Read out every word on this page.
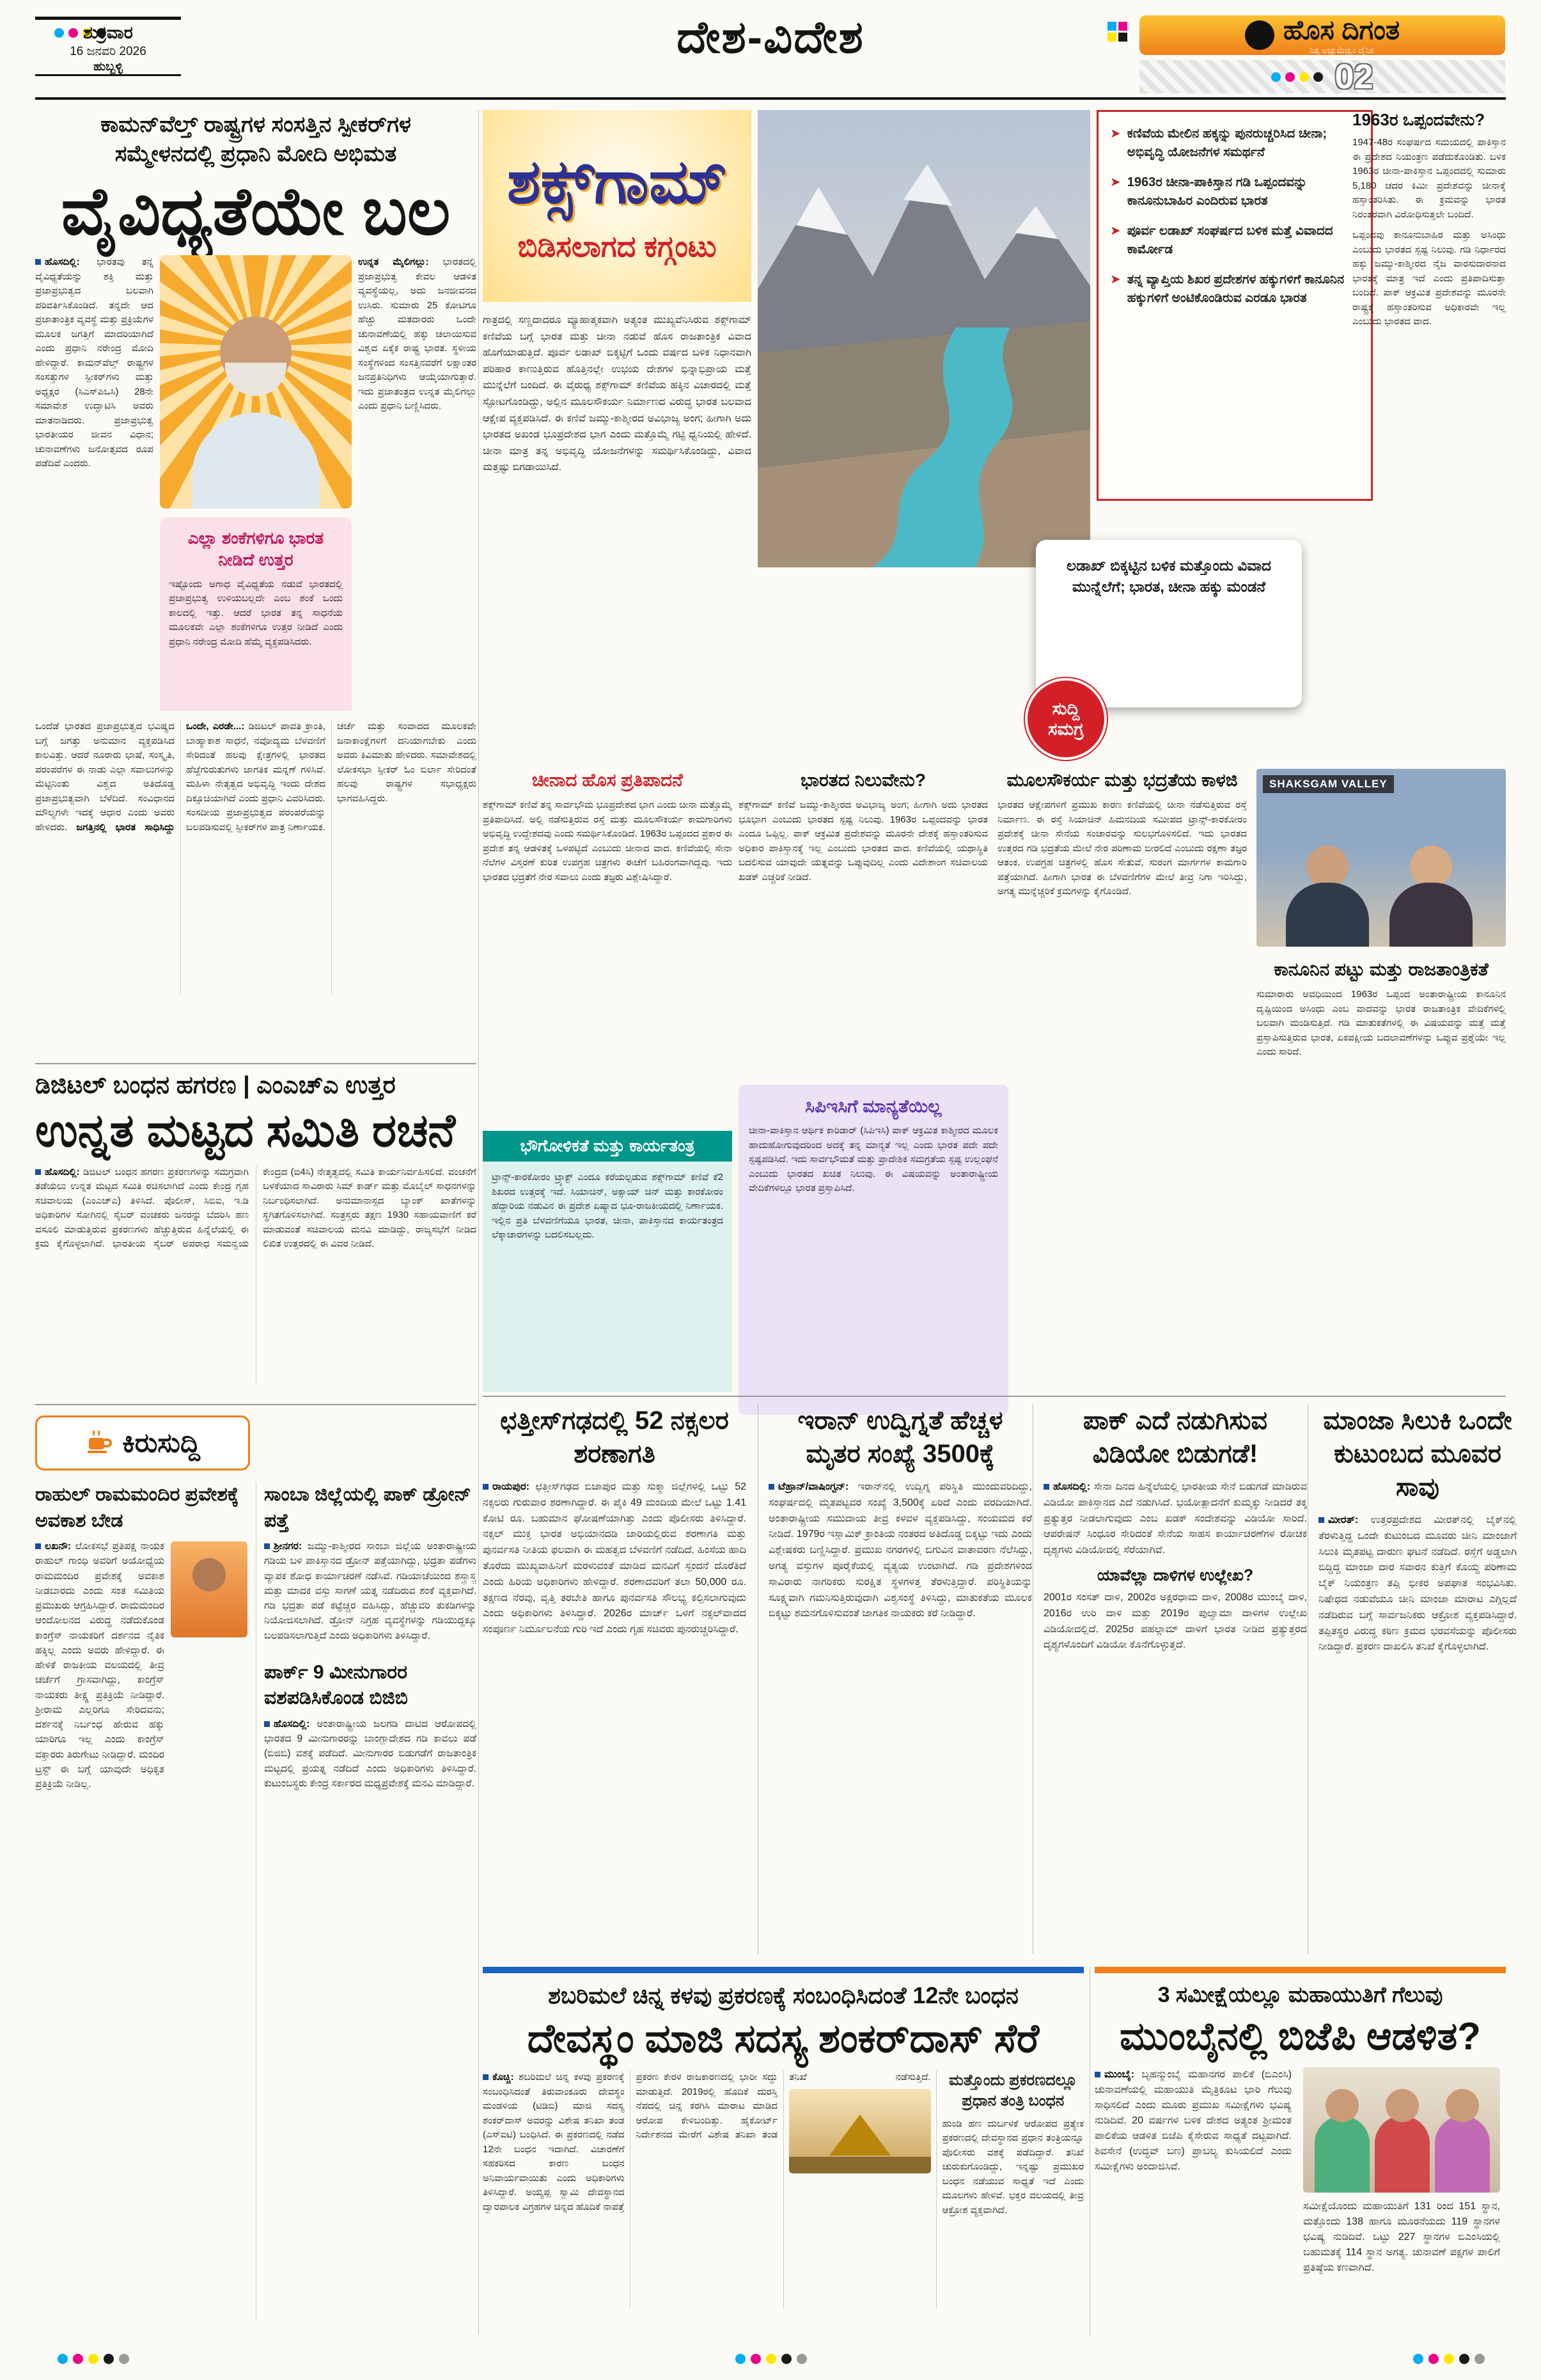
ಶುಕ್ರವಾರ
16 ಜನವರಿ 2026
ಹುಬ್ಬಳ್ಳಿ
ದೇಶ-ವಿದೇಶ	ಹೊಸ ದಿಗಂತ
ನಿತ್ಯ ಅಚ್ಚುಮೆಚ್ಚಿನ ದೈನಿಕ
02
ಕಾಮನ್‌ವೆಲ್ತ್ ರಾಷ್ಟ್ರಗಳ ಸಂಸತ್ತಿನ ಸ್ಪೀಕರ್‌ಗಳ
ಸಮ್ಮೇಳನದಲ್ಲಿ ಪ್ರಧಾನಿ ಮೋದಿ ಅಭಿಮತ
ವೈವಿಧ್ಯತೆಯೇ ಬಲ
ಹೊಸದಿಲ್ಲಿ: ಭಾರತವು ತನ್ನ ವೈವಿಧ್ಯತೆಯನ್ನು ಶಕ್ತಿ ಮತ್ತು ಪ್ರಜಾಪ್ರಭುತ್ವದ ಬಲವಾಗಿ ಪರಿವರ್ತಿಸಿಕೊಂಡಿದೆ. ತನ್ನದೇ ಆದ ಪ್ರಜಾತಾಂತ್ರಿಕ ವ್ಯವಸ್ಥೆ ಮತ್ತು ಪ್ರಕ್ರಿಯೆಗಳ ಮೂಲಕ ಜಗತ್ತಿಗೆ ಮಾದರಿಯಾಗಿದೆ ಎಂದು ಪ್ರಧಾನಿ ನರೇಂದ್ರ ಮೋದಿ ಹೇಳಿದ್ದಾರೆ. ಕಾಮನ್‌ವೆಲ್ತ್ ರಾಷ್ಟ್ರಗಳ ಸಂಸತ್ತುಗಳ ಸ್ಪೀಕರ್‌ಗಳು ಮತ್ತು ಅಧ್ಯಕ್ಷರ (ಸಿಎಸ್‌ಪಿಒಸಿ) 28ನೇ ಸಮಾವೇಶ ಉದ್ಘಾಟಿಸಿ ಅವರು ಮಾತನಾಡಿದರು. ಪ್ರಜಾಪ್ರಭುತ್ವ ಭಾರತೀಯರ ಜೀವನ ವಿಧಾನ; ಚುನಾವಣೆಗಳು ಜನೋತ್ಸವದ ರೂಪ ಪಡೆದಿವೆ ಎಂದರು.
ಎಲ್ಲಾ ಶಂಕೆಗಳಿಗೂ ಭಾರತ ನೀಡಿದೆ ಉತ್ತರ
ಇಷ್ಟೊಂದು ಅಗಾಧ ವೈವಿಧ್ಯತೆಯ ನಡುವೆ ಭಾರತದಲ್ಲಿ ಪ್ರಜಾಪ್ರಭುತ್ವ ಉಳಿಯಬಲ್ಲದೇ ಎಂಬ ಶಂಕೆ ಒಂದು ಕಾಲದಲ್ಲಿ ಇತ್ತು. ಆದರೆ ಭಾರತ ತನ್ನ ಸಾಧನೆಯ ಮೂಲಕವೇ ಎಲ್ಲಾ ಶಂಕೆಗಳಿಗೂ ಉತ್ತರ ನೀಡಿದೆ ಎಂದು ಪ್ರಧಾನಿ ನರೇಂದ್ರ ಮೋದಿ ಹೆಮ್ಮೆ ವ್ಯಕ್ತಪಡಿಸಿದರು.
ಉನ್ನತ ಮೈಲಿಗಲ್ಲು: ಭಾರತದಲ್ಲಿ ಪ್ರಜಾಪ್ರಭುತ್ವ ಕೇವಲ ಆಡಳಿತ ವ್ಯವಸ್ಥೆಯಲ್ಲ, ಅದು ಜನಜೀವನದ ಉಸಿರು. ಸುಮಾರು 25 ಕೋಟಿಗೂ ಹೆಚ್ಚು ಮತದಾರರು ಒಂದೇ ಚುನಾವಣೆಯಲ್ಲಿ ಹಕ್ಕು ಚಲಾಯಿಸುವ ವಿಶ್ವದ ಏಕೈಕ ರಾಷ್ಟ್ರ ಭಾರತ. ಸ್ಥಳೀಯ ಸಂಸ್ಥೆಗಳಿಂದ ಸಂಸತ್ತಿನವರೆಗೆ ಲಕ್ಷಾಂತರ ಜನಪ್ರತಿನಿಧಿಗಳು ಆಯ್ಕೆಯಾಗುತ್ತಾರೆ. ಇದು ಪ್ರಜಾತಂತ್ರದ ಉನ್ನತ ಮೈಲಿಗಲ್ಲು ಎಂದು ಪ್ರಧಾನಿ ಬಣ್ಣಿಸಿದರು.
ಒಂದೆಡೆ ಭಾರತದ ಪ್ರಜಾಪ್ರಭುತ್ವದ ಭವಿಷ್ಯದ ಬಗ್ಗೆ ಜಗತ್ತು ಅನುಮಾನ ವ್ಯಕ್ತಪಡಿಸಿದ ಕಾಲವಿತ್ತು. ಆದರೆ ನೂರಾರು ಭಾಷೆ, ಸಂಸ್ಕೃತಿ, ಪರಂಪರೆಗಳ ಈ ನಾಡು ಎಲ್ಲಾ ಸವಾಲುಗಳನ್ನು ಮೆಟ್ಟಿನಿಂತು ವಿಶ್ವದ ಅತಿದೊಡ್ಡ ಪ್ರಜಾಪ್ರಭುತ್ವವಾಗಿ ಬೆಳೆದಿದೆ. ಸಂವಿಧಾನದ ಮೌಲ್ಯಗಳೇ ಇದಕ್ಕೆ ಆಧಾರ ಎಂದು ಅವರು ಹೇಳಿದರು. ಜಗತ್ತಿನಲ್ಲಿ ಭಾರತ ಸಾಧಿಸಿದ್ದು ಒಂದೇ, ಎರಡೇ...: ಡಿಜಿಟಲ್ ಪಾವತಿ ಕ್ರಾಂತಿ, ಬಾಹ್ಯಾಕಾಶ ಸಾಧನೆ, ನವೋದ್ಯಮ ಬೆಳವಣಿಗೆ ಸೇರಿದಂತೆ ಹಲವು ಕ್ಷೇತ್ರಗಳಲ್ಲಿ ಭಾರತದ ಹೆಜ್ಜೆಗುರುತುಗಳು ಜಾಗತಿಕ ಮನ್ನಣೆ ಗಳಿಸಿವೆ. ಮಹಿಳಾ ನೇತೃತ್ವದ ಅಭಿವೃದ್ಧಿ ಇಂದು ದೇಶದ ದಿಕ್ಸೂಚಿಯಾಗಿದೆ ಎಂದು ಪ್ರಧಾನಿ ವಿವರಿಸಿದರು. ಸಂಸದೀಯ ಪ್ರಜಾಪ್ರಭುತ್ವದ ಪರಂಪರೆಯನ್ನು ಬಲಪಡಿಸುವಲ್ಲಿ ಸ್ಪೀಕರ್‌ಗಳ ಪಾತ್ರ ನಿರ್ಣಾಯಕ. ಚರ್ಚೆ ಮತ್ತು ಸಂವಾದದ ಮೂಲಕವೇ ಜನಾಕಾಂಕ್ಷೆಗಳಿಗೆ ದನಿಯಾಗಬೇಕು ಎಂದು ಅವರು ಕಿವಿಮಾತು ಹೇಳಿದರು. ಸಮಾವೇಶದಲ್ಲಿ ಲೋಕಸಭಾ ಸ್ಪೀಕರ್ ಓಂ ಬಿರ್ಲಾ ಸೇರಿದಂತೆ ಹಲವು ರಾಷ್ಟ್ರಗಳ ಸಭಾಧ್ಯಕ್ಷರು ಭಾಗವಹಿಸಿದ್ದರು.
ಶಕ್ಸ್‌ಗಾಮ್
ಬಿಡಿಸಲಾಗದ ಕಗ್ಗಂಟು
ಗಾತ್ರದಲ್ಲಿ ಸಣ್ಣದಾದರೂ ವ್ಯೂಹಾತ್ಮಕವಾಗಿ ಅತ್ಯಂತ ಮುಖ್ಯವೆನಿಸಿರುವ ಶಕ್ಸ್‌ಗಾಮ್ ಕಣಿವೆಯ ಬಗ್ಗೆ ಭಾರತ ಮತ್ತು ಚೀನಾ ನಡುವೆ ಹೊಸ ರಾಜತಾಂತ್ರಿಕ ವಿವಾದ ಹೊಗೆಯಾಡುತ್ತಿದೆ. ಪೂರ್ವ ಲಡಾಖ್ ಬಿಕ್ಕಟ್ಟಿಗೆ ಒಂದು ವರ್ಷದ ಬಳಿಕ ನಿಧಾನವಾಗಿ ಪರಿಹಾರ ಕಾಣುತ್ತಿರುವ ಹೊತ್ತಿನಲ್ಲೇ ಉಭಯ ದೇಶಗಳ ಭಿನ್ನಾಭಿಪ್ರಾಯ ಮತ್ತೆ ಮುನ್ನೆಲೆಗೆ ಬಂದಿದೆ. ಈ ವೈರುಧ್ಯ ಶಕ್ಸ್‌ಗಾಮ್ ಕಣಿವೆಯ ಹಕ್ಕಿನ ವಿಚಾರದಲ್ಲಿ ಮತ್ತೆ ಸ್ಫೋಟಗೊಂಡಿದ್ದು, ಅಲ್ಲಿನ ಮೂಲಸೌಕರ್ಯ ನಿರ್ಮಾಣದ ವಿರುದ್ಧ ಭಾರತ ಬಲವಾದ ಆಕ್ಷೇಪ ವ್ಯಕ್ತಪಡಿಸಿದೆ. ಈ ಕಣಿವೆ ಜಮ್ಮು-ಕಾಶ್ಮೀರದ ಅವಿಭಾಜ್ಯ ಅಂಗ; ಹೀಗಾಗಿ ಅದು ಭಾರತದ ಅಖಂಡ ಭೂಪ್ರದೇಶದ ಭಾಗ ಎಂದು ಮತ್ತೊಮ್ಮೆ ಗಟ್ಟಿ ಧ್ವನಿಯಲ್ಲಿ ಹೇಳಿದೆ. ಚೀನಾ ಮಾತ್ರ ತನ್ನ ಅಭಿವೃದ್ಧಿ ಯೋಜನೆಗಳನ್ನು ಸಮರ್ಥಿಸಿಕೊಂಡಿದ್ದು, ವಿವಾದ ಮತ್ತಷ್ಟು ಬಿಗಡಾಯಿಸಿದೆ.
➤ ಕಣಿವೆಯ ಮೇಲಿನ ಹಕ್ಕನ್ನು ಪುನರುಚ್ಚರಿಸಿದ ಚೀನಾ; ಅಭಿವೃದ್ಧಿ ಯೋಜನೆಗಳ ಸಮರ್ಥನೆ
➤ 1963ರ ಚೀನಾ-ಪಾಕಿಸ್ತಾನ ಗಡಿ ಒಪ್ಪಂದವನ್ನು ಕಾನೂನುಬಾಹಿರ ಎಂದಿರುವ ಭಾರತ
➤ ಪೂರ್ವ ಲಡಾಖ್ ಸಂಘರ್ಷದ ಬಳಿಕ ಮತ್ತೆ ವಿವಾದದ ಕಾರ್ಮೋಡ
➤ ತನ್ನ ವ್ಯಾಪ್ತಿಯ ಶಿಖರ ಪ್ರದೇಶಗಳ ಹಕ್ಕುಗಳಿಗೆ ಕಾನೂನಿನ ಹಕ್ಕುಗಳಿಗೆ ಅಂಟಿಕೊಂಡಿರುವ ಎರಡೂ ಭಾರತ
1963ರ ಒಪ್ಪಂದವೇನು?
1947-48ರ ಸಂಘರ್ಷದ ಸಮಯದಲ್ಲಿ ಪಾಕಿಸ್ತಾನ ಈ ಪ್ರದೇಶದ ನಿಯಂತ್ರಣ ಪಡೆದುಕೊಂಡಿತು. ಬಳಿಕ 1963ರ ಚೀನಾ-ಪಾಕಿಸ್ತಾನ ಒಪ್ಪಂದದಲ್ಲಿ ಸುಮಾರು 5,180 ಚದರ ಕಿಮೀ ಪ್ರದೇಶವನ್ನು ಚೀನಾಕ್ಕೆ ಹಸ್ತಾಂತರಿಸಿತು. ಈ ಕ್ರಮವನ್ನು ಭಾರತ ನಿರಂತರವಾಗಿ ವಿರೋಧಿಸುತ್ತಲೇ ಬಂದಿದೆ.
ಒಪ್ಪಂದವು ಕಾನೂನುಬಾಹಿರ ಮತ್ತು ಅಸಿಂಧು ಎಂಬುದು ಭಾರತದ ಸ್ಪಷ್ಟ ನಿಲುವು. ಗಡಿ ನಿರ್ಧಾರದ ಹಕ್ಕು ಜಮ್ಮು-ಕಾಶ್ಮೀರದ ನೈಜ ವಾರಸುದಾರನಾದ ಭಾರತಕ್ಕೆ ಮಾತ್ರ ಇದೆ ಎಂದು ಪ್ರತಿಪಾದಿಸುತ್ತಾ ಬಂದಿದೆ. ಪಾಕ್ ಆಕ್ರಮಿತ ಪ್ರದೇಶವನ್ನು ಮೂರನೇ ರಾಷ್ಟ್ರಕ್ಕೆ ಹಸ್ತಾಂತರಿಸುವ ಅಧಿಕಾರವೇ ಇಲ್ಲ ಎಂಬುದು ಭಾರತದ ವಾದ.
ಲಡಾಖ್ ಬಿಕ್ಕಟ್ಟಿನ ಬಳಿಕ ಮತ್ತೊಂದು ವಿವಾದ ಮುನ್ನೆಲೆಗೆ; ಭಾರತ, ಚೀನಾ ಹಕ್ಕು ಮಂಡನೆ
ಸುದ್ದಿ
ಸಮಗ್ರ
ಚೀನಾದ ಹೊಸ ಪ್ರತಿಪಾದನೆ
ಶಕ್ಸ್‌ಗಾಮ್ ಕಣಿವೆ ತನ್ನ ಸಾರ್ವಭೌಮ ಭೂಪ್ರದೇಶದ ಭಾಗ ಎಂದು ಚೀನಾ ಮತ್ತೊಮ್ಮೆ ಪ್ರತಿಪಾದಿಸಿದೆ. ಅಲ್ಲಿ ನಡೆಸುತ್ತಿರುವ ರಸ್ತೆ ಮತ್ತು ಮೂಲಸೌಕರ್ಯ ಕಾಮಗಾರಿಗಳು ಅಭಿವೃದ್ಧಿ ಉದ್ದೇಶದವು ಎಂದು ಸಮರ್ಥಿಸಿಕೊಂಡಿದೆ. 1963ರ ಒಪ್ಪಂದದ ಪ್ರಕಾರ ಈ ಪ್ರದೇಶ ತನ್ನ ಆಡಳಿತಕ್ಕೆ ಒಳಪಟ್ಟಿದೆ ಎಂಬುದು ಚೀನಾದ ವಾದ. ಕಣಿವೆಯಲ್ಲಿ ಸೇನಾ ನೆಲೆಗಳ ವಿಸ್ತರಣೆ ಕುರಿತ ಉಪಗ್ರಹ ಚಿತ್ರಗಳು ಈಚೆಗೆ ಬಹಿರಂಗವಾಗಿದ್ದವು. ಇದು ಭಾರತದ ಭದ್ರತೆಗೆ ನೇರ ಸವಾಲು ಎಂದು ತಜ್ಞರು ವಿಶ್ಲೇಷಿಸಿದ್ದಾರೆ.
ಭೌಗೋಳಿಕತೆ ಮತ್ತು ಕಾರ್ಯತಂತ್ರ
ಟ್ರಾನ್ಸ್-ಕಾರಕೋರಂ ಟ್ರ್ಯಾಕ್ಟ್ ಎಂದೂ ಕರೆಯಲ್ಪಡುವ ಶಕ್ಸ್‌ಗಾಮ್ ಕಣಿವೆ ಕೆ2 ಶಿಖರದ ಉತ್ತರಕ್ಕೆ ಇದೆ. ಸಿಯಾಚಿನ್, ಅಕ್ಸಾಯ್ ಚಿನ್ ಮತ್ತು ಕಾರಕೋರಂ ಹೆದ್ದಾರಿಯ ನಡುವಿನ ಈ ಪ್ರದೇಶ ಏಷ್ಯಾದ ಭೂ-ರಾಜಕೀಯದಲ್ಲಿ ನಿರ್ಣಾಯಕ. ಇಲ್ಲಿನ ಪ್ರತಿ ಬೆಳವಣಿಗೆಯೂ ಭಾರತ, ಚೀನಾ, ಪಾಕಿಸ್ತಾನದ ಕಾರ್ಯತಂತ್ರದ ಲೆಕ್ಕಾಚಾರಗಳನ್ನು ಬದಲಿಸಬಲ್ಲದು.
ಭಾರತದ ನಿಲುವೇನು?
ಶಕ್ಸ್‌ಗಾಮ್ ಕಣಿವೆ ಜಮ್ಮು-ಕಾಶ್ಮೀರದ ಅವಿಭಾಜ್ಯ ಅಂಗ; ಹೀಗಾಗಿ ಅದು ಭಾರತದ ಭೂಭಾಗ ಎಂಬುದು ಭಾರತದ ಸ್ಪಷ್ಟ ನಿಲುವು. 1963ರ ಒಪ್ಪಂದವನ್ನು ಭಾರತ ಎಂದೂ ಒಪ್ಪಿಲ್ಲ. ಪಾಕ್ ಆಕ್ರಮಿತ ಪ್ರದೇಶವನ್ನು ಮೂರನೇ ದೇಶಕ್ಕೆ ಹಸ್ತಾಂತರಿಸುವ ಅಧಿಕಾರ ಪಾಕಿಸ್ತಾನಕ್ಕೆ ಇಲ್ಲ ಎಂಬುದು ಭಾರತದ ವಾದ. ಕಣಿವೆಯಲ್ಲಿ ಯಥಾಸ್ಥಿತಿ ಬದಲಿಸುವ ಯಾವುದೇ ಯತ್ನವನ್ನು ಒಪ್ಪುವುದಿಲ್ಲ ಎಂದು ವಿದೇಶಾಂಗ ಸಚಿವಾಲಯ ಖಡಕ್ ಎಚ್ಚರಿಕೆ ನೀಡಿದೆ.
ಸಿಪಿಇಸಿಗೆ ಮಾನ್ಯತೆಯಿಲ್ಲ
ಚೀನಾ-ಪಾಕಿಸ್ತಾನ ಆರ್ಥಿಕ ಕಾರಿಡಾರ್ (ಸಿಪಿಇಸಿ) ಪಾಕ್ ಆಕ್ರಮಿತ ಕಾಶ್ಮೀರದ ಮೂಲಕ ಹಾದುಹೋಗುವುದರಿಂದ ಅದಕ್ಕೆ ತನ್ನ ಮಾನ್ಯತೆ ಇಲ್ಲ ಎಂದು ಭಾರತ ಪದೇ ಪದೇ ಸ್ಪಷ್ಟಪಡಿಸಿದೆ. ಇದು ಸಾರ್ವಭೌಮತೆ ಮತ್ತು ಪ್ರಾದೇಶಿಕ ಸಮಗ್ರತೆಯ ಸ್ಪಷ್ಟ ಉಲ್ಲಂಘನೆ ಎಂಬುದು ಭಾರತದ ಖಚಿತ ನಿಲುವು. ಈ ವಿಷಯವನ್ನು ಅಂತಾರಾಷ್ಟ್ರೀಯ ವೇದಿಕೆಗಳಲ್ಲೂ ಭಾರತ ಪ್ರಸ್ತಾಪಿಸಿದೆ.
ಮೂಲಸೌಕರ್ಯ ಮತ್ತು ಭದ್ರತೆಯ ಕಾಳಜಿ
ಭಾರತದ ಆಕ್ಷೇಪಗಳಿಗೆ ಪ್ರಮುಖ ಕಾರಣ ಕಣಿವೆಯಲ್ಲಿ ಚೀನಾ ನಡೆಸುತ್ತಿರುವ ರಸ್ತೆ ನಿರ್ಮಾಣ. ಈ ರಸ್ತೆ ಸಿಯಾಚಿನ್ ಹಿಮನದಿಯ ಸಮೀಪದ ಟ್ರಾನ್ಸ್-ಕಾರಕೋರಂ ಪ್ರದೇಶಕ್ಕೆ ಚೀನಾ ಸೇನೆಯ ಸಂಚಾರವನ್ನು ಸುಲಭಗೊಳಿಸಲಿದೆ. ಇದು ಭಾರತದ ಉತ್ತರದ ಗಡಿ ಭದ್ರತೆಯ ಮೇಲೆ ನೇರ ಪರಿಣಾಮ ಬೀರಲಿದೆ ಎಂಬುದು ರಕ್ಷಣಾ ತಜ್ಞರ ಆತಂಕ. ಉಪಗ್ರಹ ಚಿತ್ರಗಳಲ್ಲಿ ಹೊಸ ಸೇತುವೆ, ಸುರಂಗ ಮಾರ್ಗಗಳ ಕಾಮಗಾರಿ ಪತ್ತೆಯಾಗಿದೆ. ಹೀಗಾಗಿ ಭಾರತ ಈ ಬೆಳವಣಿಗೆಗಳ ಮೇಲೆ ತೀವ್ರ ನಿಗಾ ಇರಿಸಿದ್ದು, ಅಗತ್ಯ ಮುನ್ನೆಚ್ಚರಿಕೆ ಕ್ರಮಗಳನ್ನು ಕೈಗೊಂಡಿದೆ.
SHAKSGAM VALLEY
ಕಾನೂನಿನ ಪಟ್ಟು ಮತ್ತು ರಾಜತಾಂತ್ರಿಕತೆ
ಸುಮಾರಾರು ಅವಧಿಯಿಂದ 1963ರ ಒಪ್ಪಂದ ಅಂತಾರಾಷ್ಟ್ರೀಯ ಕಾನೂನಿನ ದೃಷ್ಟಿಯಿಂದ ಅಸಿಂಧು ಎಂಬ ವಾದವನ್ನು ಭಾರತ ರಾಜತಾಂತ್ರಿಕ ವೇದಿಕೆಗಳಲ್ಲಿ ಬಲವಾಗಿ ಮಂಡಿಸುತ್ತಿದೆ. ಗಡಿ ಮಾತುಕತೆಗಳಲ್ಲಿ ಈ ವಿಷಯವನ್ನು ಮತ್ತೆ ಮತ್ತೆ ಪ್ರಸ್ತಾಪಿಸುತ್ತಿರುವ ಭಾರತ, ಏಕಪಕ್ಷೀಯ ಬದಲಾವಣೆಗಳನ್ನು ಒಪ್ಪುವ ಪ್ರಶ್ನೆಯೇ ಇಲ್ಲ ಎಂದು ಸಾರಿದೆ.
ಡಿಜಿಟಲ್ ಬಂಧನ ಹಗರಣ | ಎಂಎಚ್‌ಎ ಉತ್ತರ
ಉನ್ನತ ಮಟ್ಟದ ಸಮಿತಿ ರಚನೆ
ಹೊಸದಿಲ್ಲಿ: ಡಿಜಿಟಲ್ ಬಂಧನ ಹಗರಣ ಪ್ರಕರಣಗಳನ್ನು ಸಮಗ್ರವಾಗಿ ತಡೆಯಲು ಉನ್ನತ ಮಟ್ಟದ ಸಮಿತಿ ರಚಿಸಲಾಗಿದೆ ಎಂದು ಕೇಂದ್ರ ಗೃಹ ಸಚಿವಾಲಯ (ಎಂಎಚ್‌ಎ) ತಿಳಿಸಿದೆ. ಪೊಲೀಸ್, ಸಿಬಿಐ, ಇ.ಡಿ ಅಧಿಕಾರಿಗಳ ಸೋಗಿನಲ್ಲಿ ಸೈಬರ್ ವಂಚಕರು ಜನರನ್ನು ಬೆದರಿಸಿ ಹಣ ವಸೂಲಿ ಮಾಡುತ್ತಿರುವ ಪ್ರಕರಣಗಳು ಹೆಚ್ಚುತ್ತಿರುವ ಹಿನ್ನೆಲೆಯಲ್ಲಿ ಈ ಕ್ರಮ ಕೈಗೊಳ್ಳಲಾಗಿದೆ. ಭಾರತೀಯ ಸೈಬರ್ ಅಪರಾಧ ಸಮನ್ವಯ ಕೇಂದ್ರದ (ಐ4ಸಿ) ನೇತೃತ್ವದಲ್ಲಿ ಸಮಿತಿ ಕಾರ್ಯನಿರ್ವಹಿಸಲಿದೆ. ವಂಚನೆಗೆ ಬಳಕೆಯಾದ ಸಾವಿರಾರು ಸಿಮ್ ಕಾರ್ಡ್ ಮತ್ತು ಮೊಬೈಲ್ ಸಾಧನಗಳನ್ನು ನಿರ್ಬಂಧಿಸಲಾಗಿದೆ. ಅನುಮಾನಾಸ್ಪದ ಬ್ಯಾಂಕ್ ಖಾತೆಗಳನ್ನು ಸ್ಥಗಿತಗೊಳಿಸಲಾಗಿದೆ. ಸಂತ್ರಸ್ತರು ತಕ್ಷಣ 1930 ಸಹಾಯವಾಣಿಗೆ ಕರೆ ಮಾಡುವಂತೆ ಸಚಿವಾಲಯ ಮನವಿ ಮಾಡಿದ್ದು, ರಾಜ್ಯಸಭೆಗೆ ನೀಡಿದ ಲಿಖಿತ ಉತ್ತರದಲ್ಲಿ ಈ ವಿವರ ನೀಡಿದೆ.
ಕಿರುಸುದ್ದಿ
ರಾಹುಲ್ ರಾಮಮಂದಿರ ಪ್ರವೇಶಕ್ಕೆ ಅವಕಾಶ ಬೇಡ
ಲಖನೌ: ಲೋಕಸಭೆ ಪ್ರತಿಪಕ್ಷ ನಾಯಕ ರಾಹುಲ್ ಗಾಂಧಿ ಅವರಿಗೆ ಅಯೋಧ್ಯೆಯ ರಾಮಮಂದಿರ ಪ್ರವೇಶಕ್ಕೆ ಅವಕಾಶ ನೀಡಬಾರದು ಎಂದು ಸಂತ ಸಮಿತಿಯ ಪ್ರಮುಖರು ಆಗ್ರಹಿಸಿದ್ದಾರೆ. ರಾಮಮಂದಿರ ಆಂದೋಲನದ ವಿರುದ್ಧ ನಡೆದುಕೊಂಡ ಕಾಂಗ್ರೆಸ್ ನಾಯಕರಿಗೆ ದರ್ಶನದ ನೈತಿಕ ಹಕ್ಕಿಲ್ಲ ಎಂದು ಅವರು ಹೇಳಿದ್ದಾರೆ. ಈ ಹೇಳಿಕೆ ರಾಜಕೀಯ ವಲಯದಲ್ಲಿ ತೀವ್ರ ಚರ್ಚೆಗೆ ಗ್ರಾಸವಾಗಿದ್ದು, ಕಾಂಗ್ರೆಸ್ ನಾಯಕರು ತೀಕ್ಷ್ಣ ಪ್ರತಿಕ್ರಿಯೆ ನೀಡಿದ್ದಾರೆ. ಶ್ರೀರಾಮ ಎಲ್ಲರಿಗೂ ಸೇರಿದವನು; ದರ್ಶನಕ್ಕೆ ನಿರ್ಬಂಧ ಹೇರುವ ಹಕ್ಕು ಯಾರಿಗೂ ಇಲ್ಲ ಎಂದು ಕಾಂಗ್ರೆಸ್ ವಕ್ತಾರರು ತಿರುಗೇಟು ನೀಡಿದ್ದಾರೆ. ಮಂದಿರ ಟ್ರಸ್ಟ್ ಈ ಬಗ್ಗೆ ಯಾವುದೇ ಅಧಿಕೃತ ಪ್ರತಿಕ್ರಿಯೆ ನೀಡಿಲ್ಲ.
ಸಾಂಬಾ ಜಿಲ್ಲೆಯಲ್ಲಿ ಪಾಕ್ ಡ್ರೋನ್ ಪತ್ತೆ
ಶ್ರೀನಗರ: ಜಮ್ಮು-ಕಾಶ್ಮೀರದ ಸಾಂಬಾ ಜಿಲ್ಲೆಯ ಅಂತಾರಾಷ್ಟ್ರೀಯ ಗಡಿಯ ಬಳಿ ಪಾಕಿಸ್ತಾನದ ಡ್ರೋನ್ ಪತ್ತೆಯಾಗಿದ್ದು, ಭದ್ರತಾ ಪಡೆಗಳು ವ್ಯಾಪಕ ಶೋಧ ಕಾರ್ಯಾಚರಣೆ ನಡೆಸಿವೆ. ಗಡಿಯಾಚೆಯಿಂದ ಶಸ್ತ್ರಾಸ್ತ್ರ ಮತ್ತು ಮಾದಕ ವಸ್ತು ಸಾಗಣೆ ಯತ್ನ ನಡೆದಿರುವ ಶಂಕೆ ವ್ಯಕ್ತವಾಗಿದೆ. ಗಡಿ ಭದ್ರತಾ ಪಡೆ ಕಟ್ಟೆಚ್ಚರ ವಹಿಸಿದ್ದು, ಹೆಚ್ಚುವರಿ ತುಕಡಿಗಳನ್ನು ನಿಯೋಜಿಸಲಾಗಿದೆ. ಡ್ರೋನ್ ನಿಗ್ರಹ ವ್ಯವಸ್ಥೆಗಳನ್ನು ಗಡಿಯುದ್ದಕ್ಕೂ ಬಲಪಡಿಸಲಾಗುತ್ತಿದೆ ಎಂದು ಅಧಿಕಾರಿಗಳು ತಿಳಿಸಿದ್ದಾರೆ.
ಪಾರ್ಕ್ 9 ಮೀನುಗಾರರ ವಶಪಡಿಸಿಕೊಂಡ ಬಿಜಿಬಿ
ಹೊಸದಿಲ್ಲಿ: ಅಂತಾರಾಷ್ಟ್ರೀಯ ಜಲಗಡಿ ದಾಟಿದ ಆರೋಪದಲ್ಲಿ ಭಾರತದ 9 ಮೀನುಗಾರರನ್ನು ಬಾಂಗ್ಲಾದೇಶದ ಗಡಿ ಕಾವಲು ಪಡೆ (ಬಿಜಿಬಿ) ವಶಕ್ಕೆ ಪಡೆದಿದೆ. ಮೀನುಗಾರರ ಬಿಡುಗಡೆಗೆ ರಾಜತಾಂತ್ರಿಕ ಮಟ್ಟದಲ್ಲಿ ಪ್ರಯತ್ನ ನಡೆದಿದೆ ಎಂದು ಅಧಿಕಾರಿಗಳು ತಿಳಿಸಿದ್ದಾರೆ. ಕುಟುಂಬಸ್ಥರು ಕೇಂದ್ರ ಸರ್ಕಾರದ ಮಧ್ಯಪ್ರವೇಶಕ್ಕೆ ಮನವಿ ಮಾಡಿದ್ದಾರೆ.
ಛತ್ತೀಸ್‌ಗಢದಲ್ಲಿ 52 ನಕ್ಸಲರ ಶರಣಾಗತಿ
ರಾಯಪುರ: ಛತ್ತೀಸ್‌ಗಢದ ಬಿಜಾಪುರ ಮತ್ತು ಸುಕ್ಮಾ ಜಿಲ್ಲೆಗಳಲ್ಲಿ ಒಟ್ಟು 52 ನಕ್ಸಲರು ಗುರುವಾರ ಶರಣಾಗಿದ್ದಾರೆ. ಈ ಪೈಕಿ 49 ಮಂದಿಯ ಮೇಲೆ ಒಟ್ಟು 1.41 ಕೋಟಿ ರೂ. ಬಹುಮಾನ ಘೋಷಣೆಯಾಗಿತ್ತು ಎಂದು ಪೊಲೀಸರು ತಿಳಿಸಿದ್ದಾರೆ. ನಕ್ಸಲ್ ಮುಕ್ತ ಭಾರತ ಅಭಿಯಾನದಡಿ ಜಾರಿಯಲ್ಲಿರುವ ಶರಣಾಗತಿ ಮತ್ತು ಪುನರ್ವಸತಿ ನೀತಿಯ ಫಲವಾಗಿ ಈ ಮಹತ್ವದ ಬೆಳವಣಿಗೆ ನಡೆದಿದೆ. ಹಿಂಸೆಯ ಹಾದಿ ತೊರೆದು ಮುಖ್ಯವಾಹಿನಿಗೆ ಮರಳುವಂತೆ ಮಾಡಿದ ಮನವಿಗೆ ಸ್ಪಂದನೆ ದೊರೆತಿದೆ ಎಂದು ಹಿರಿಯ ಅಧಿಕಾರಿಗಳು ಹೇಳಿದ್ದಾರೆ. ಶರಣಾದವರಿಗೆ ತಲಾ 50,000 ರೂ. ತಕ್ಷಣದ ನೆರವು, ವೃತ್ತಿ ತರಬೇತಿ ಹಾಗೂ ಪುನರ್ವಸತಿ ಸೌಲಭ್ಯ ಕಲ್ಪಿಸಲಾಗುವುದು ಎಂದು ಅಧಿಕಾರಿಗಳು ತಿಳಿಸಿದ್ದಾರೆ. 2026ರ ಮಾರ್ಚ್ ಒಳಗೆ ನಕ್ಸಲ್‌ವಾದದ ಸಂಪೂರ್ಣ ನಿರ್ಮೂಲನೆಯ ಗುರಿ ಇದೆ ಎಂದು ಗೃಹ ಸಚಿವರು ಪುನರುಚ್ಚರಿಸಿದ್ದಾರೆ.
ಇರಾನ್ ಉದ್ವಿಗ್ನತೆ ಹೆಚ್ಚಳ ಮೃತರ ಸಂಖ್ಯೆ 3500ಕ್ಕೆ
ಟೆಹ್ರಾನ್/ವಾಷಿಂಗ್ಟನ್: ಇರಾನ್‌ನಲ್ಲಿ ಉದ್ವಿಗ್ನ ಪರಿಸ್ಥಿತಿ ಮುಂದುವರಿದಿದ್ದು, ಸಂಘರ್ಷದಲ್ಲಿ ಮೃತಪಟ್ಟವರ ಸಂಖ್ಯೆ 3,500ಕ್ಕೆ ಏರಿದೆ ಎಂದು ವರದಿಯಾಗಿದೆ. ಅಂತಾರಾಷ್ಟ್ರೀಯ ಸಮುದಾಯ ತೀವ್ರ ಕಳವಳ ವ್ಯಕ್ತಪಡಿಸಿದ್ದು, ಸಂಯಮದ ಕರೆ ನೀಡಿದೆ. 1979ರ ಇಸ್ಲಾಮಿಕ್ ಕ್ರಾಂತಿಯ ನಂತರದ ಅತಿದೊಡ್ಡ ಬಿಕ್ಕಟ್ಟು ಇದು ಎಂದು ವಿಶ್ಲೇಷಕರು ಬಣ್ಣಿಸಿದ್ದಾರೆ. ಪ್ರಮುಖ ನಗರಗಳಲ್ಲಿ ಬಿಗುವಿನ ವಾತಾವರಣ ನೆಲೆಸಿದ್ದು, ಅಗತ್ಯ ವಸ್ತುಗಳ ಪೂರೈಕೆಯಲ್ಲಿ ವ್ಯತ್ಯಯ ಉಂಟಾಗಿದೆ. ಗಡಿ ಪ್ರದೇಶಗಳಿಂದ ಸಾವಿರಾರು ನಾಗರಿಕರು ಸುರಕ್ಷಿತ ಸ್ಥಳಗಳತ್ತ ತೆರಳುತ್ತಿದ್ದಾರೆ. ಪರಿಸ್ಥಿತಿಯನ್ನು ಸೂಕ್ಷ್ಮವಾಗಿ ಗಮನಿಸುತ್ತಿರುವುದಾಗಿ ವಿಶ್ವಸಂಸ್ಥೆ ತಿಳಿಸಿದ್ದು, ಮಾತುಕತೆಯ ಮೂಲಕ ಬಿಕ್ಕಟ್ಟು ಶಮನಗೊಳಿಸುವಂತೆ ಜಾಗತಿಕ ನಾಯಕರು ಕರೆ ನೀಡಿದ್ದಾರೆ.
ಪಾಕ್ ಎದೆ ನಡುಗಿಸುವ ವಿಡಿಯೋ ಬಿಡುಗಡೆ!
ಹೊಸದಿಲ್ಲಿ: ಸೇನಾ ದಿನದ ಹಿನ್ನೆಲೆಯಲ್ಲಿ ಭಾರತೀಯ ಸೇನೆ ಬಿಡುಗಡೆ ಮಾಡಿರುವ ವಿಡಿಯೋ ಪಾಕಿಸ್ತಾನದ ಎದೆ ನಡುಗಿಸಿದೆ. ಭಯೋತ್ಪಾದನೆಗೆ ಕುಮ್ಮಕ್ಕು ನೀಡಿದರೆ ತಕ್ಕ ಪ್ರತ್ಯುತ್ತರ ನೀಡಲಾಗುವುದು ಎಂಬ ಖಡಕ್ ಸಂದೇಶವನ್ನು ವಿಡಿಯೋ ಸಾರಿದೆ. ಆಪರೇಷನ್ ಸಿಂಧೂರ ಸೇರಿದಂತೆ ಸೇನೆಯ ಸಾಹಸ ಕಾರ್ಯಾಚರಣೆಗಳ ರೋಚಕ ದೃಶ್ಯಗಳು ವಿಡಿಯೋದಲ್ಲಿ ಸೆರೆಯಾಗಿವೆ.
ಯಾವೆಲ್ಲಾ ದಾಳಿಗಳ ಉಲ್ಲೇಖ?
2001ರ ಸಂಸತ್ ದಾಳಿ, 2002ರ ಅಕ್ಷರಧಾಮ ದಾಳಿ, 2008ರ ಮುಂಬೈ ದಾಳಿ, 2016ರ ಉರಿ ದಾಳಿ ಮತ್ತು 2019ರ ಪುಲ್ವಾಮಾ ದಾಳಿಗಳ ಉಲ್ಲೇಖ ವಿಡಿಯೋದಲ್ಲಿದೆ. 2025ರ ಪಹಲ್ಗಾಮ್ ದಾಳಿಗೆ ಭಾರತ ನೀಡಿದ ಪ್ರತ್ಯುತ್ತರದ ದೃಶ್ಯಗಳೊಂದಿಗೆ ವಿಡಿಯೋ ಕೊನೆಗೊಳ್ಳುತ್ತದೆ.
ಮಾಂಜಾ ಸಿಲುಕಿ ಒಂದೇ ಕುಟುಂಬದ ಮೂವರ ಸಾವು
ಮೀರತ್: ಉತ್ತರಪ್ರದೇಶದ ಮೀರತ್‌ನಲ್ಲಿ ಬೈಕ್‌ನಲ್ಲಿ ತೆರಳುತ್ತಿದ್ದ ಒಂದೇ ಕುಟುಂಬದ ಮೂವರು ಚೀನಿ ಮಾಂಜಾಗೆ ಸಿಲುಕಿ ಮೃತಪಟ್ಟ ದಾರುಣ ಘಟನೆ ನಡೆದಿದೆ. ರಸ್ತೆಗೆ ಅಡ್ಡಲಾಗಿ ಬಿದ್ದಿದ್ದ ಮಾಂಜಾ ದಾರ ಸವಾರನ ಕುತ್ತಿಗೆ ಕೊಯ್ದ ಪರಿಣಾಮ ಬೈಕ್ ನಿಯಂತ್ರಣ ತಪ್ಪಿ ಭೀಕರ ಅಪಘಾತ ಸಂಭವಿಸಿತು. ನಿಷೇಧದ ನಡುವೆಯೂ ಚೀನಿ ಮಾಂಜಾ ಮಾರಾಟ ಎಗ್ಗಿಲ್ಲದೆ ನಡೆದಿರುವ ಬಗ್ಗೆ ಸಾರ್ವಜನಿಕರು ಆಕ್ರೋಶ ವ್ಯಕ್ತಪಡಿಸಿದ್ದಾರೆ. ತಪ್ಪಿತಸ್ಥರ ವಿರುದ್ಧ ಕಠಿಣ ಕ್ರಮದ ಭರವಸೆಯನ್ನು ಪೊಲೀಸರು ನೀಡಿದ್ದಾರೆ. ಪ್ರಕರಣ ದಾಖಲಿಸಿ ತನಿಖೆ ಕೈಗೊಳ್ಳಲಾಗಿದೆ.
ಶಬರಿಮಲೆ ಚಿನ್ನ ಕಳವು ಪ್ರಕರಣಕ್ಕೆ ಸಂಬಂಧಿಸಿದಂತೆ 12ನೇ ಬಂಧನ
ದೇವಸ್ಥಂ ಮಾಜಿ ಸದಸ್ಯ ಶಂಕರ್‌ದಾಸ್ ಸೆರೆ
ಕೊಚ್ಚಿ: ಶಬರಿಮಲೆ ಚಿನ್ನ ಕಳವು ಪ್ರಕರಣಕ್ಕೆ ಸಂಬಂಧಿಸಿದಂತೆ ತಿರುವಾಂಕೂರು ದೇವಸ್ಥಂ ಮಂಡಳಿಯ (ಟಿಡಿಬಿ) ಮಾಜಿ ಸದಸ್ಯ ಶಂಕರ್‌ದಾಸ್ ಅವರನ್ನು ವಿಶೇಷ ತನಿಖಾ ತಂಡ (ಎಸ್‌ಐಟಿ) ಬಂಧಿಸಿದೆ. ಈ ಪ್ರಕರಣದಲ್ಲಿ ನಡೆದ 12ನೇ ಬಂಧನ ಇದಾಗಿದೆ. ವಿಚಾರಣೆಗೆ ಸಹಕರಿಸದ ಕಾರಣ ಬಂಧನ ಅನಿವಾರ್ಯವಾಯಿತು ಎಂದು ಅಧಿಕಾರಿಗಳು ತಿಳಿಸಿದ್ದಾರೆ. ಅಯ್ಯಪ್ಪ ಸ್ವಾಮಿ ದೇವಸ್ಥಾನದ ದ್ವಾರಪಾಲಕ ವಿಗ್ರಹಗಳ ಚಿನ್ನದ ಹೊದಿಕೆ ನಾಪತ್ತೆ ಪ್ರಕರಣ ಕೇರಳ ರಾಜಕಾರಣದಲ್ಲಿ ಭಾರೀ ಸದ್ದು ಮಾಡುತ್ತಿದೆ. 2019ರಲ್ಲಿ ಹೊದಿಕೆ ದುರಸ್ತಿ ನೆಪದಲ್ಲಿ ಚಿನ್ನ ಕರಗಿಸಿ ಮಾರಾಟ ಮಾಡಿದ ಆರೋಪ ಕೇಳಿಬಂದಿತ್ತು. ಹೈಕೋರ್ಟ್ ನಿರ್ದೇಶನದ ಮೇರೆಗೆ ವಿಶೇಷ ತನಿಖಾ ತಂಡ ತನಿಖೆ ನಡೆಸುತ್ತಿದೆ.	ಮತ್ತೊಂದು ಪ್ರಕರಣದಲ್ಲೂ ಪ್ರಧಾನ ತಂತ್ರಿ ಬಂಧನ
ಹುಂಡಿ ಹಣ ದುರ್ಬಳಕೆ ಆರೋಪದ ಪ್ರತ್ಯೇಕ ಪ್ರಕರಣದಲ್ಲಿ ದೇವಸ್ಥಾನದ ಪ್ರಧಾನ ತಂತ್ರಿಯನ್ನೂ ಪೊಲೀಸರು ವಶಕ್ಕೆ ಪಡೆದಿದ್ದಾರೆ. ತನಿಖೆ ಚುರುಕುಗೊಂಡಿದ್ದು, ಇನ್ನಷ್ಟು ಪ್ರಮುಖರ ಬಂಧನ ನಡೆಯುವ ಸಾಧ್ಯತೆ ಇದೆ ಎಂದು ಮೂಲಗಳು ಹೇಳಿವೆ. ಭಕ್ತರ ವಲಯದಲ್ಲಿ ತೀವ್ರ ಆಕ್ರೋಶ ವ್ಯಕ್ತವಾಗಿದೆ.
3 ಸಮೀಕ್ಷೆಯಲ್ಲೂ ಮಹಾಯುತಿಗೆ ಗೆಲುವು
ಮುಂಬೈನಲ್ಲಿ ಬಿಜೆಪಿ ಆಡಳಿತ?
ಮುಂಬೈ: ಬೃಹನ್ಮುಂಬೈ ಮಹಾನಗರ ಪಾಲಿಕೆ (ಬಿಎಂಸಿ) ಚುನಾವಣೆಯಲ್ಲಿ ಮಹಾಯುತಿ ಮೈತ್ರಿಕೂಟ ಭಾರಿ ಗೆಲುವು ಸಾಧಿಸಲಿದೆ ಎಂದು ಮೂರು ಪ್ರಮುಖ ಸಮೀಕ್ಷೆಗಳು ಭವಿಷ್ಯ ನುಡಿದಿವೆ. 20 ವರ್ಷಗಳ ಬಳಿಕ ದೇಶದ ಅತ್ಯಂತ ಶ್ರೀಮಂತ ಪಾಲಿಕೆಯ ಆಡಳಿತ ಬಿಜೆಪಿ ಕೈಸೇರುವ ಸಾಧ್ಯತೆ ದಟ್ಟವಾಗಿದೆ. ಶಿವಸೇನೆ (ಉದ್ಧವ್ ಬಣ) ಪ್ರಾಬಲ್ಯ ಕುಸಿಯಲಿದೆ ಎಂದು ಸಮೀಕ್ಷೆಗಳು ಅಂದಾಜಿಸಿವೆ.
ಸಮೀಕ್ಷೆಯೊಂದು ಮಹಾಯುತಿಗೆ 131 ರಿಂದ 151 ಸ್ಥಾನ, ಮತ್ತೊಂದು 138 ಹಾಗೂ ಮೂರನೆಯದು 119 ಸ್ಥಾನಗಳ ಭವಿಷ್ಯ ನುಡಿದಿವೆ. ಒಟ್ಟು 227 ಸ್ಥಾನಗಳ ಬಿಎಂಸಿಯಲ್ಲಿ ಬಹುಮತಕ್ಕೆ 114 ಸ್ಥಾನ ಅಗತ್ಯ. ಚುನಾವಣೆ ಪಕ್ಷಗಳ ಪಾಲಿಗೆ ಪ್ರತಿಷ್ಠೆಯ ಕಣವಾಗಿದೆ.
